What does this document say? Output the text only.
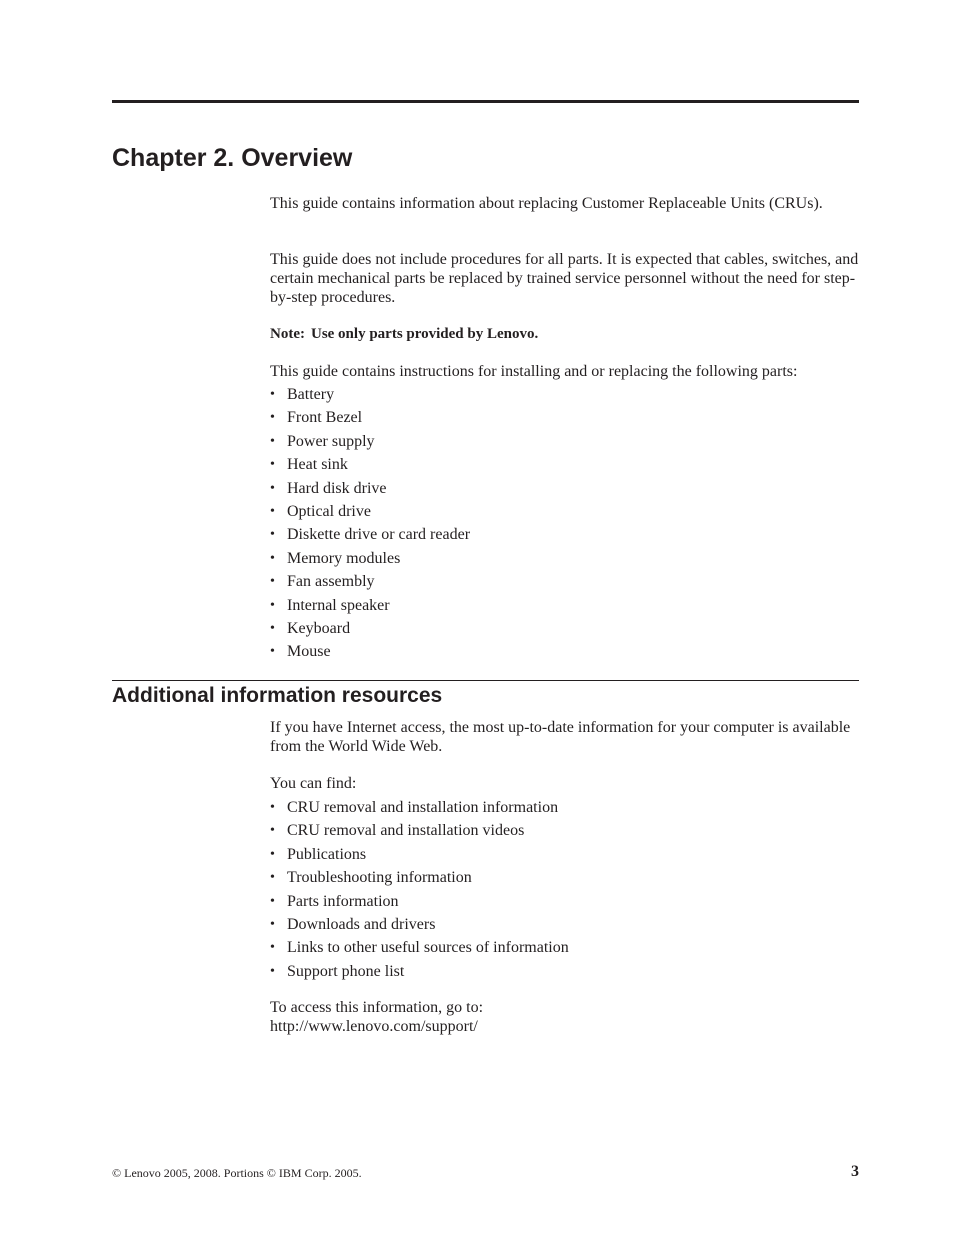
Chapter 2. Overview

This guide contains information about replacing Customer Replaceable Units (CRUs).

This guide does not include procedures for all parts. It is expected that cables, switches, and certain mechanical parts be replaced by trained service personnel without the need for step-by-step procedures.

Note: Use only parts provided by Lenovo.

This guide contains instructions for installing and or replacing the following parts:

• Battery
• Front Bezel
• Power supply
• Heat sink
• Hard disk drive
• Optical drive
• Diskette drive or card reader
• Memory modules
• Fan assembly
• Internal speaker
• Keyboard
• Mouse
Additional information resources

If you have Internet access, the most up-to-date information for your computer is available from the World Wide Web.

You can find:

• CRU removal and installation information
• CRU removal and installation videos
• Publications
• Troubleshooting information
• Parts information
• Downloads and drivers
• Links to other useful sources of information
• Support phone list

To access this information, go to:

http://www.lenovo.com/support/

© Lenovo 2005, 2008. Portions © IBM Corp. 2005.	3
